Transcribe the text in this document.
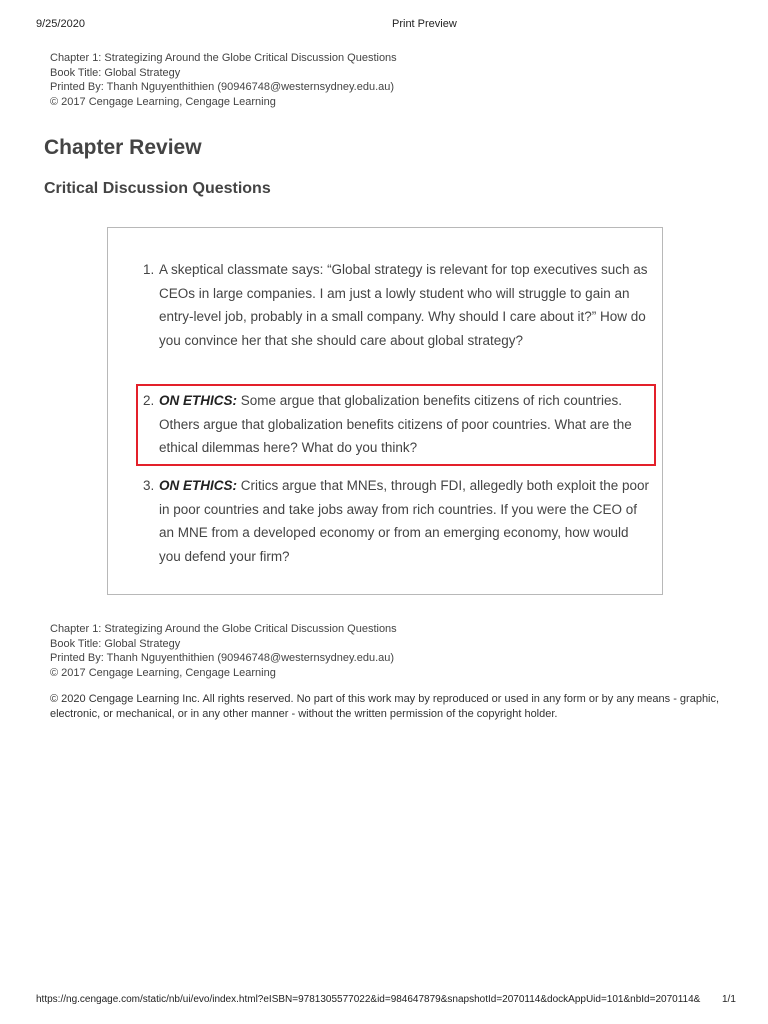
9/25/2020	Print Preview
Chapter 1: Strategizing Around the Globe Critical Discussion Questions
Book Title: Global Strategy
Printed By: Thanh Nguyenthithien (90946748@westernsydney.edu.au)
© 2017 Cengage Learning, Cengage Learning
Chapter Review
Critical Discussion Questions
1. A skeptical classmate says: “Global strategy is relevant for top executives such as CEOs in large companies. I am just a lowly student who will struggle to gain an entry-level job, probably in a small company. Why should I care about it?” How do you convince her that she should care about global strategy?
2. ON ETHICS: Some argue that globalization benefits citizens of rich countries. Others argue that globalization benefits citizens of poor countries. What are the ethical dilemmas here? What do you think?
3. ON ETHICS: Critics argue that MNEs, through FDI, allegedly both exploit the poor in poor countries and take jobs away from rich countries. If you were the CEO of an MNE from a developed economy or from an emerging economy, how would you defend your firm?
Chapter 1: Strategizing Around the Globe Critical Discussion Questions
Book Title: Global Strategy
Printed By: Thanh Nguyenthithien (90946748@westernsydney.edu.au)
© 2017 Cengage Learning, Cengage Learning
© 2020 Cengage Learning Inc. All rights reserved. No part of this work may by reproduced or used in any form or by any means - graphic, electronic, or mechanical, or in any other manner - without the written permission of the copyright holder.
https://ng.cengage.com/static/nb/ui/evo/index.html?eISBN=9781305577022&id=984647879&snapshotId=2070114&dockAppUid=101&nbId=2070114& 1/1
